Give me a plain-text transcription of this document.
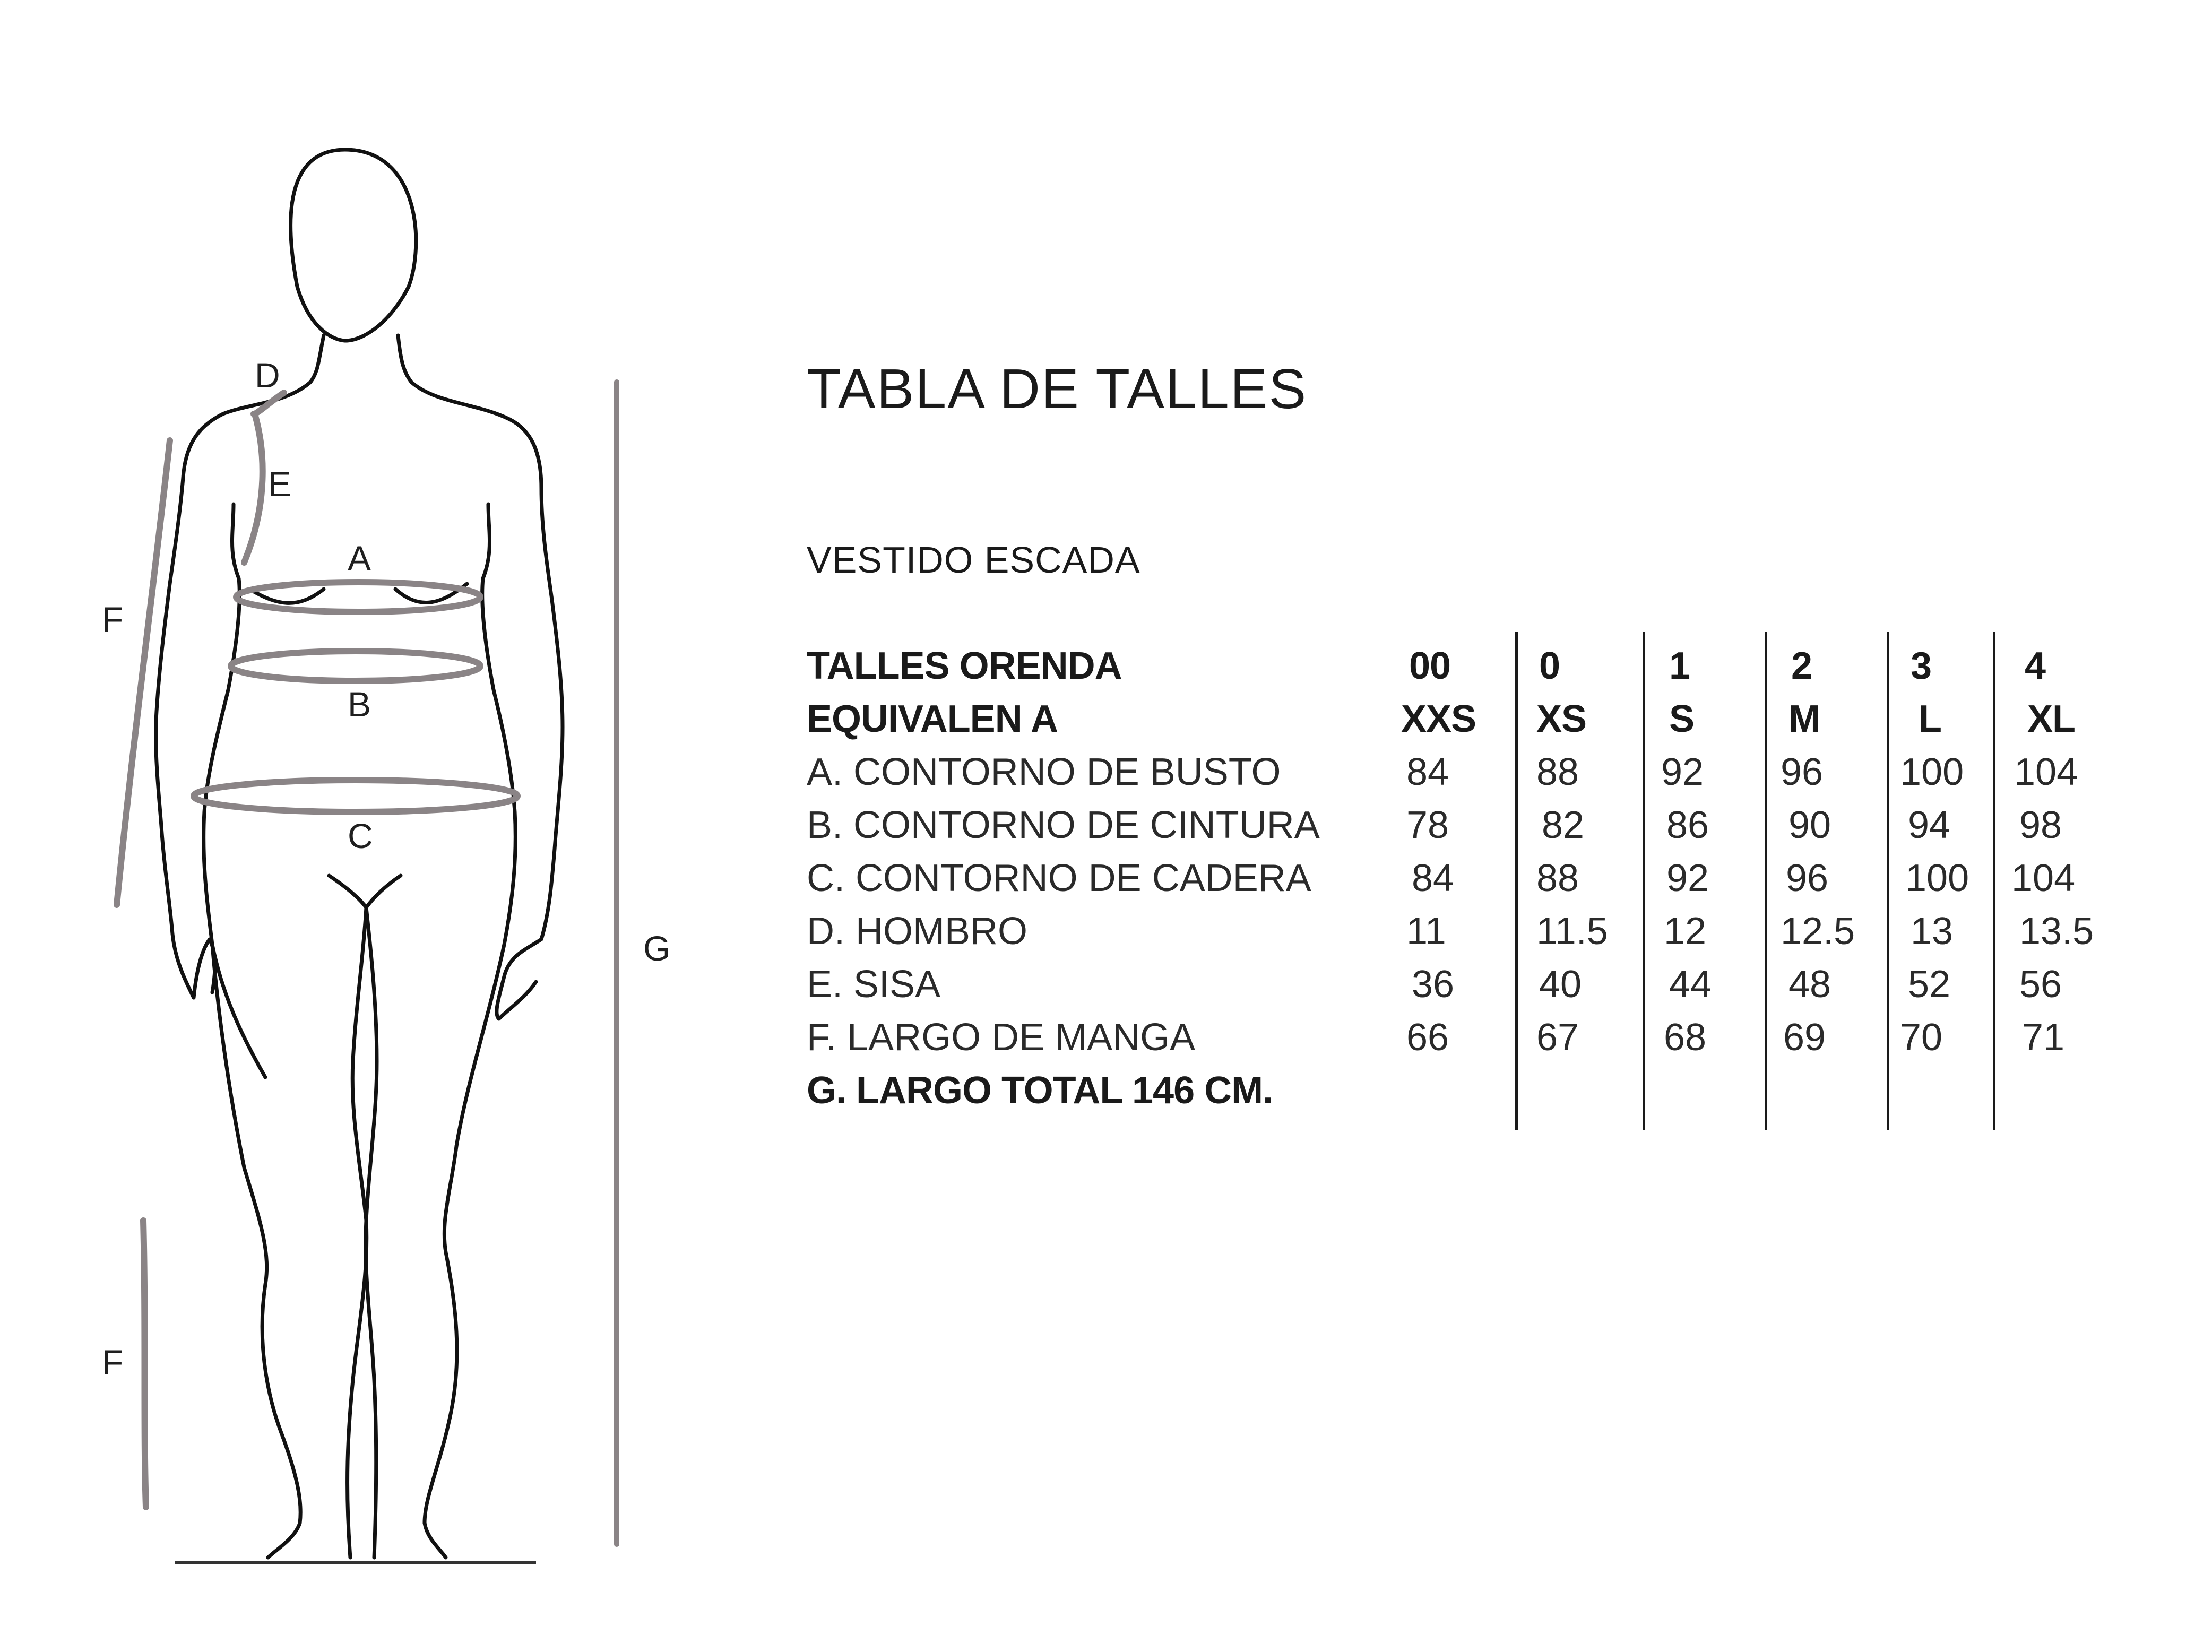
A
B
C
D
E
F
F
G
TABLA DE TALLES
VESTIDO ESCADA
TALLES ORENDA	00	0	1	2	3	4
EQUIVALEN A	XXS	XS	S	M	L	XL
A. CONTORNO DE BUSTO	84	88	92	96	100	104
B. CONTORNO DE CINTURA 78	82	86	90	94	98
C. CONTORNO DE CADERA	84	88	92	96	100	104
D. HOMBRO	11	11.5	12	12.5	13	13.5
E. SISA	36	40	44	48	52	56
F. LARGO DE MANGA	66	67	68	69	70	71
G. LARGO TOTAL 146 CM.
